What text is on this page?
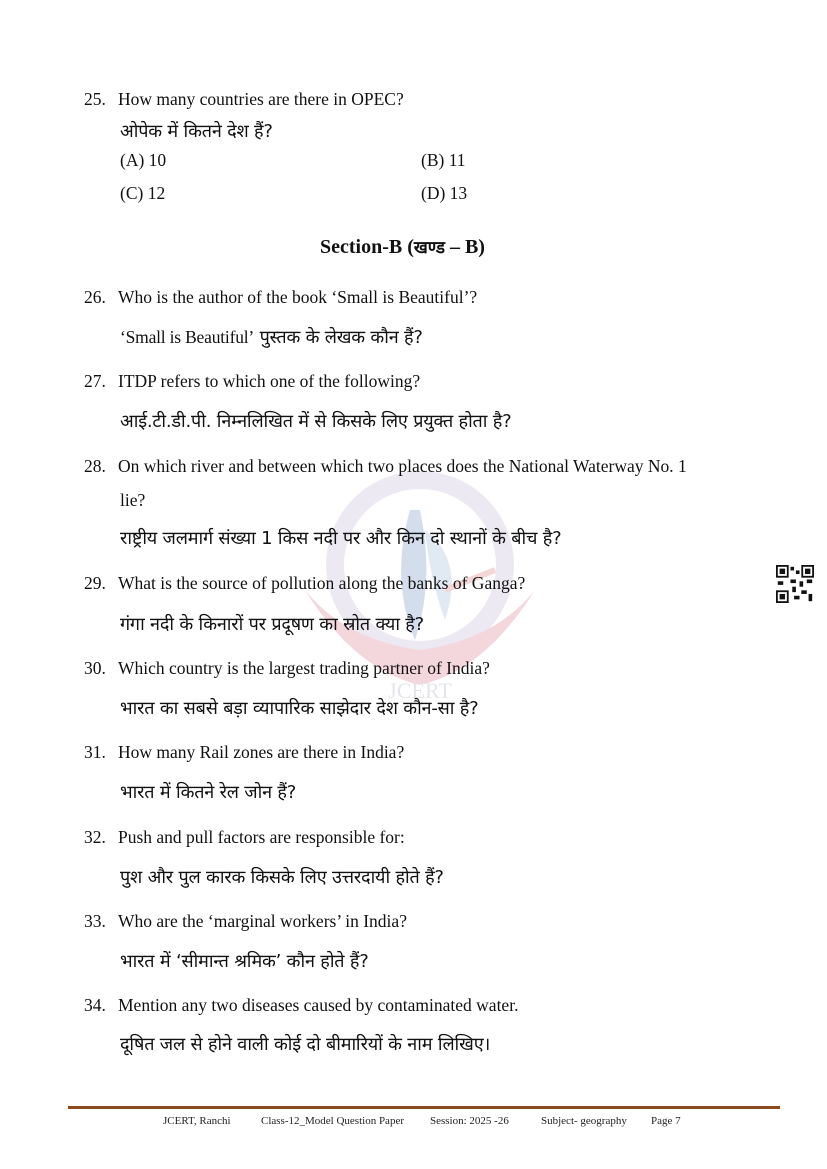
JCERT
25. How many countries are there in OPEC?
ओपेक में कितने देश हैं?
(A) 10	(B) 11
(C) 12	(D) 13
Section-B (खण्ड – B)
26. Who is the author of the book ‘Small is Beautiful’?
‘Small is Beautiful’ पुस्तक के लेखक कौन हैं?
27. ITDP refers to which one of the following?
आई.टी.डी.पी. निम्नलिखित में से किसके लिए प्रयुक्त होता है?
28. On which river and between which two places does the National Waterway No. 1
lie?
राष्ट्रीय जलमार्ग संख्या 1 किस नदी पर और किन दो स्थानों के बीच है?
29. What is the source of pollution along the banks of Ganga?
गंगा नदी के किनारों पर प्रदूषण का स्रोत क्या है?
30. Which country is the largest trading partner of India?
भारत का सबसे बड़ा व्यापारिक साझेदार देश कौन-सा है?
31. How many Rail zones are there in India?
भारत में कितने रेल जोन हैं?
32. Push and pull factors are responsible for:
पुश और पुल कारक किसके लिए उत्तरदायी होते हैं?
33. Who are the ‘marginal workers’ in India?
भारत में ‘सीमान्त श्रमिक’ कौन होते हैं?
34. Mention any two diseases caused by contaminated water.
दूषित जल से होने वाली कोई दो बीमारियों के नाम लिखिए।
JCERT, Ranchi	Class-12_Model Question Paper Session: 2025 -26	Subject- geography Page 7
